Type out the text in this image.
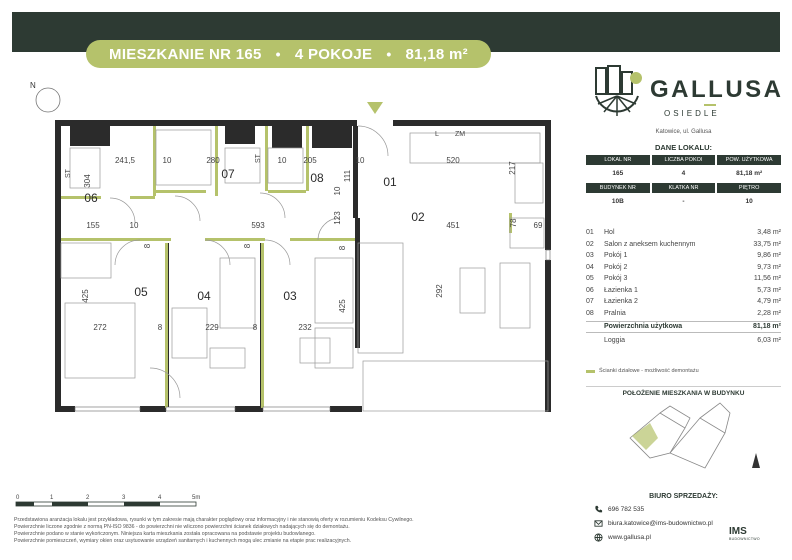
MIESZKANIE NR 165 • 4 POKOJE • 81,18 m²
N
01
02
03
04
05
06
07	08
241,5	280	205	520
304
10	10	10
593	451
155	10
123
10
217
78 69
425
272	8	229	8	232
425
292
8
8	8
111
ST
ST
L ZM
GALLUSA
OSIEDLE
Katowice, ul. Gallusa
DANE LOKALU:
LOKAL NR	LICZBA POKOI	POW. UŻYTKOWA
165	4	81,18 m²
BUDYNEK NR	KLATKA NR	PIĘTRO
10B	-	10
01	Hol	3,48 m²
02	Salon z aneksem kuchennym	33,75 m²
03	Pokój 1	9,86 m²
04	Pokój 2	9,73 m²
05	Pokój 3	11,56 m²
06	Łazienka 1	5,73 m²
07	Łazienka 2	4,79 m²
08	Pralnia	2,28 m²
Powierzchnia użytkowa	81,18 m²
Loggia	6,03 m²
Ścianki działowe - możliwość demontażu
POŁOŻENIE MIESZKANIA W BUDYNKU
BIURO SPRZEDAŻY:
696 782 535
biura.katowice@ims-budownictwo.pl
www.gallusa.pl
IMS
BUDOWNICTWO
0	1	2	3	4	5m
Przedstawiona aranżacja lokalu jest przykładowa, rysunki w tym zakresie mają charakter poglądowy oraz informacyjny i nie stanowią oferty w rozumieniu Kodeksu Cywilnego.
Powierzchnie liczone zgodnie z normą PN-ISO 9836 - do powierzchni nie wliczono powierzchni ścianek działowych nadających się do demontażu.
Powierzchnie podano w stanie wykończonym. Niniejsza karta mieszkania została opracowana na podstawie projektu budowlanego.
Powierzchnie pomieszczeń, wymiary okien oraz usytuowanie urządzeń sanitarnych i kuchennych mogą ulec zmianie na etapie prac realizacyjnych.
